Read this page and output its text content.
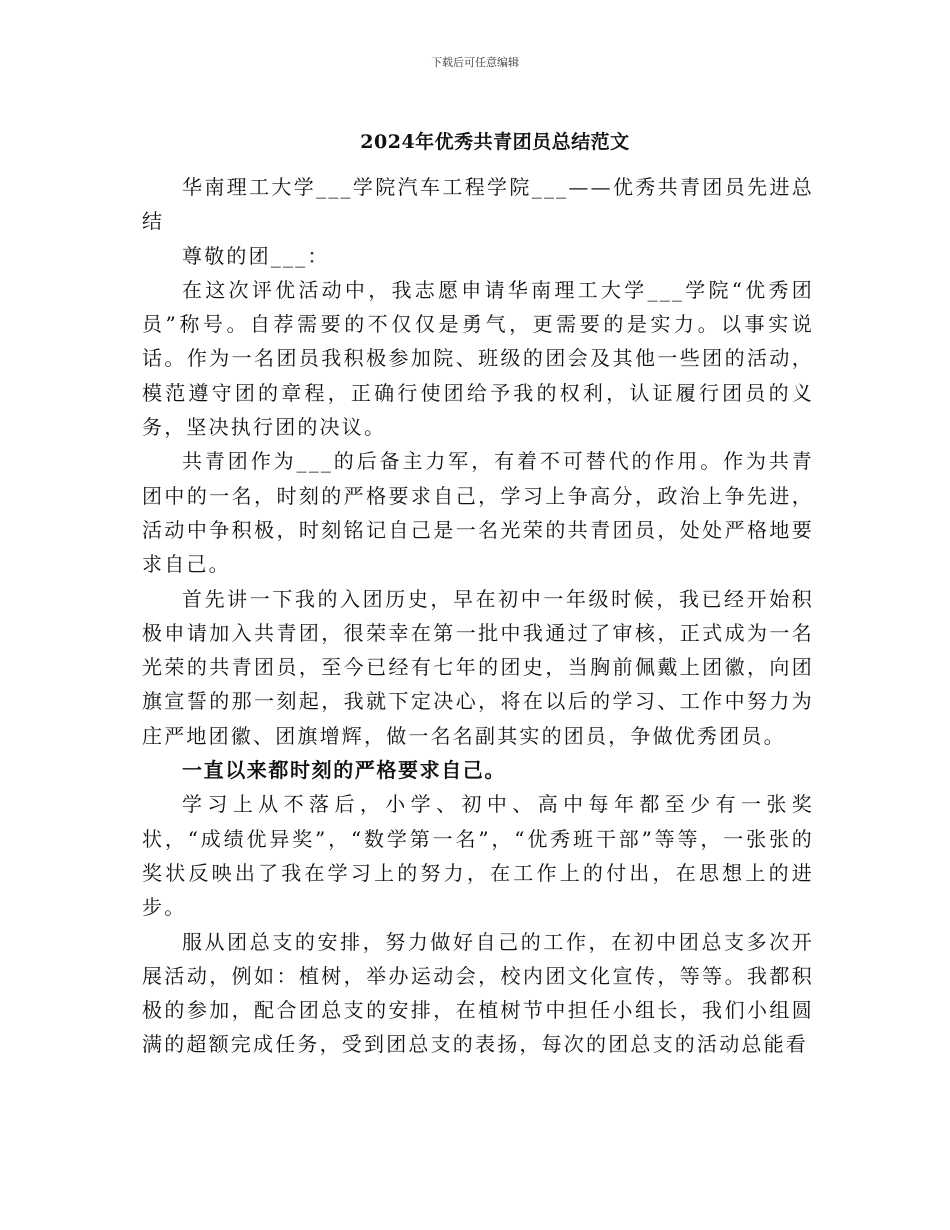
下载后可任意编辑
2024年优秀共青团员总结范文

华南理工大学___学院汽车工程学院___——优秀共青团员先进总结

尊敬的团___：

在这次评优活动中，我志愿申请华南理工大学___学院“优秀团员”称号。自荐需要的不仅仅是勇气，更需要的是实力。以事实说话。作为一名团员我积极参加院、班级的团会及其他一些团的活动，模范遵守团的章程，正确行使团给予我的权利，认证履行团员的义务，坚决执行团的决议。

共青团作为___的后备主力军，有着不可替代的作用。作为共青团中的一名，时刻的严格要求自己，学习上争高分，政治上争先进，活动中争积极，时刻铭记自己是一名光荣的共青团员，处处严格地要求自己。

首先讲一下我的入团历史，早在初中一年级时候，我已经开始积极申请加入共青团，很荣幸在第一批中我通过了审核，正式成为一名光荣的共青团员，至今已经有七年的团史，当胸前佩戴上团徽，向团旗宣誓的那一刻起，我就下定决心，将在以后的学习、工作中努力为庄严地团徽、团旗增辉，做一名名副其实的团员，争做优秀团员。

一直以来都时刻的严格要求自己。

学习上从不落后，小学、初中、高中每年都至少有一张奖状，“成绩优异奖”，“数学第一名”，“优秀班干部”等等，一张张的奖状反映出了我在学习上的努力，在工作上的付出，在思想上的进步。

服从团总支的安排，努力做好自己的工作，在初中团总支多次开展活动，例如：植树，举办运动会，校内团文化宣传，等等。我都积极的参加，配合团总支的安排，在植树节中担任小组长，我们小组圆满的超额完成任务，受到团总支的表扬，每次的团总支的活动总能看
